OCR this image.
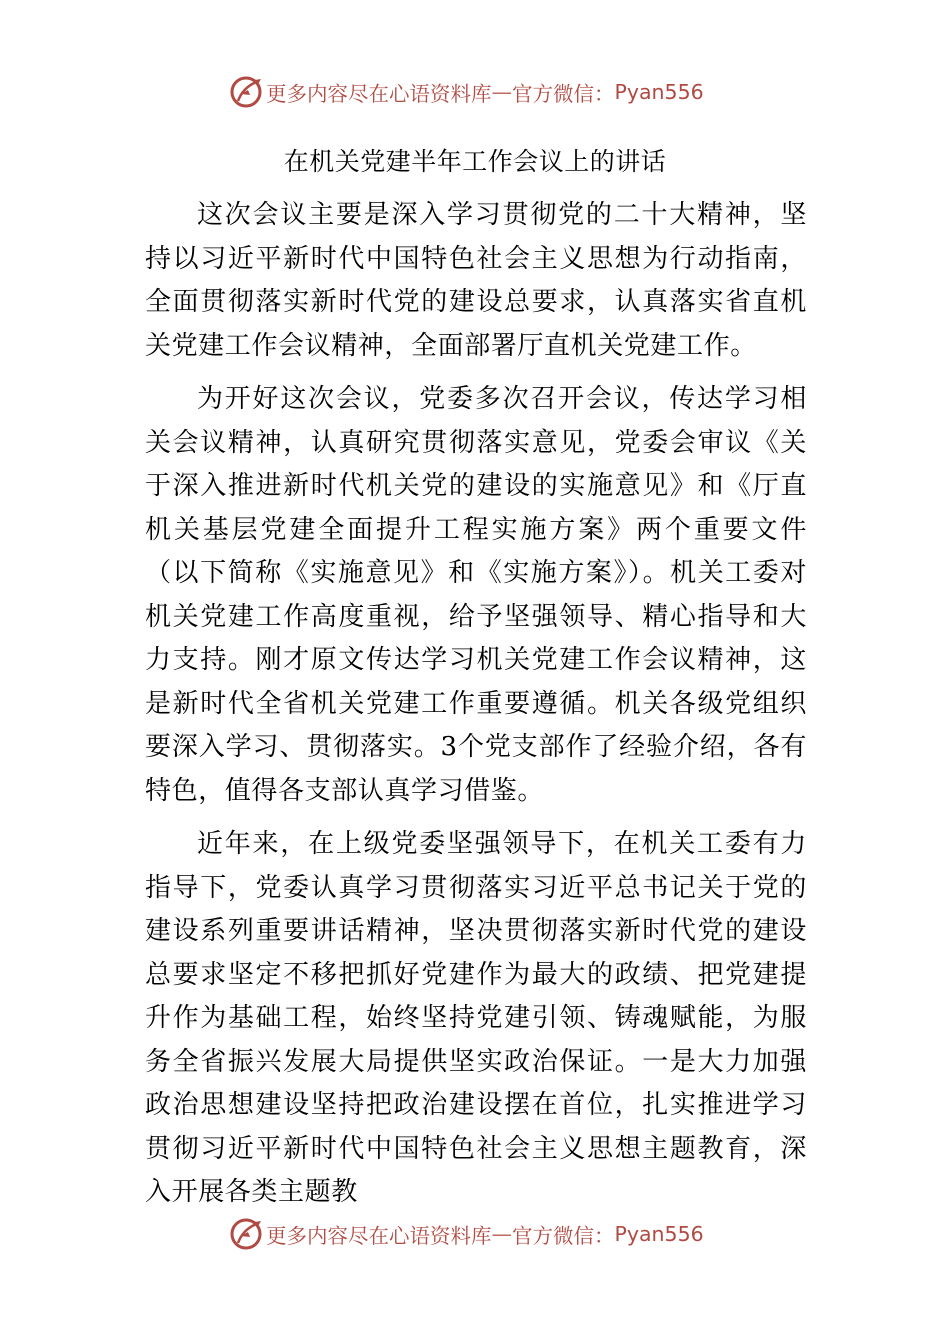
更多内容尽在心语资料库 — 官方微信： Pyan556
在机关党建半年工作会议上的讲话

这次会议主要是深入学习贯彻党的二十大精神，坚持以习近平新时代中国特色社会主义思想为行动指南，全面贯彻落实新时代党的建设总要求，认真落实省直机关党建工作会议精神，全面部署厅直机关党建工作。

为开好这次会议，党委多次召开会议，传达学习相关会议精神，认真研究贯彻落实意见，党委会审议《关于深入推进新时代机关党的建设的实施意见》和《厅直机关基层党建全面提升工程实施方案》两个重要文件（以下简称《实施意见》和《实施方案》）。机关工委对机关党建工作高度重视，给予坚强领导、精心指导和大力支持。刚才原文传达学习机关党建工作会议精神，这是新时代全省机关党建工作重要遵循。机关各级党组织要深入学习、贯彻落实。3个党支部作了经验介绍，各有特色，值得各支部认真学习借鉴。

近年来，在上级党委坚强领导下，在机关工委有力指导下，党委认真学习贯彻落实习近平总书记关于党的建设系列重要讲话精神，坚决贯彻落实新时代党的建设总要求坚定不移把抓好党建作为最大的政绩、把党建提升作为基础工程，始终坚持党建引领、铸魂赋能，为服务全省振兴发展大局提供坚实政治保证。一是大力加强政治思想建设坚持把政治建设摆在首位，扎实推进学习贯彻习近平新时代中国特色社会主义思想主题教育，深入开展各类主题教

更多内容尽在心语资料库 — 官方微信： Pyan556
